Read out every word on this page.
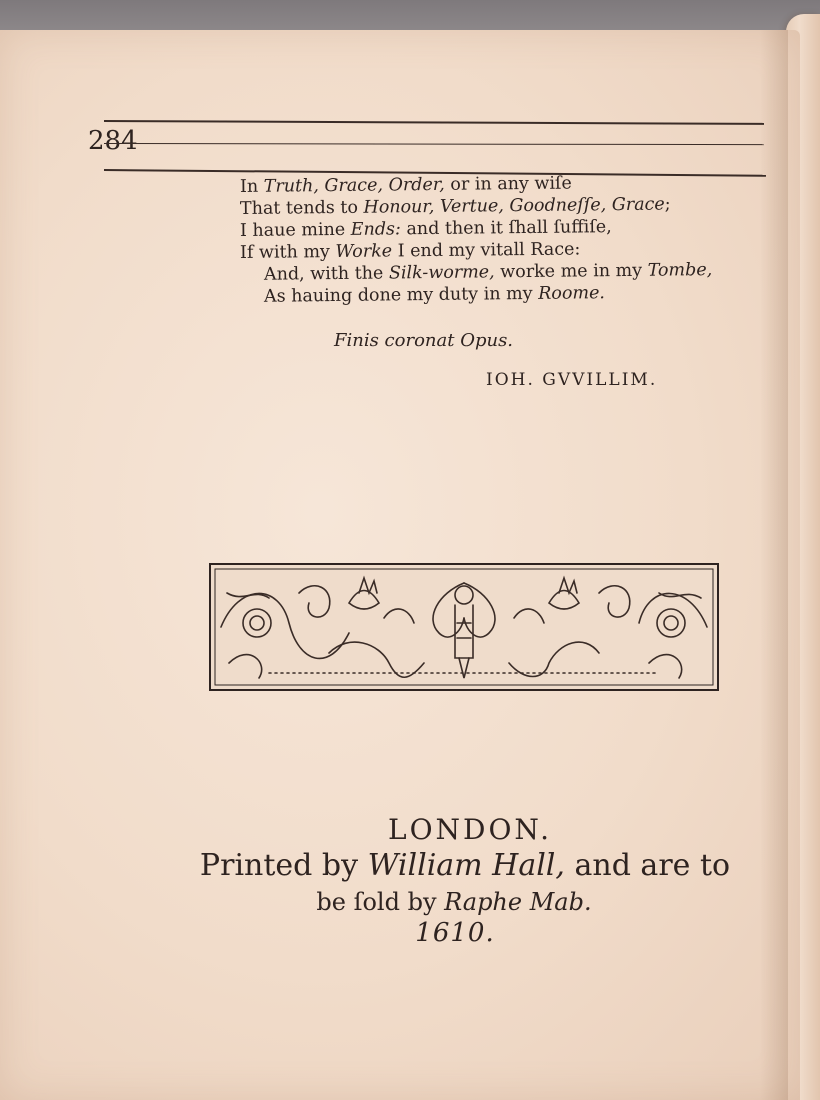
284
In Truth, Grace, Order, or in any wiſe
That tends to Honour, Vertue, Goodneſſe, Grace;
I haue mine Ends: and then it ſhall ſuffiſe,
If with my Worke I end my vitall Race:
And, with the Silk-worme, worke me in my Tombe,
As hauing done my duty in my Roome.
Finis coronat Opus.
IOH. GVVILLIM.
LONDON.
Printed by William Hall, and are to
be ſold by Raphe Mab.
1610.
